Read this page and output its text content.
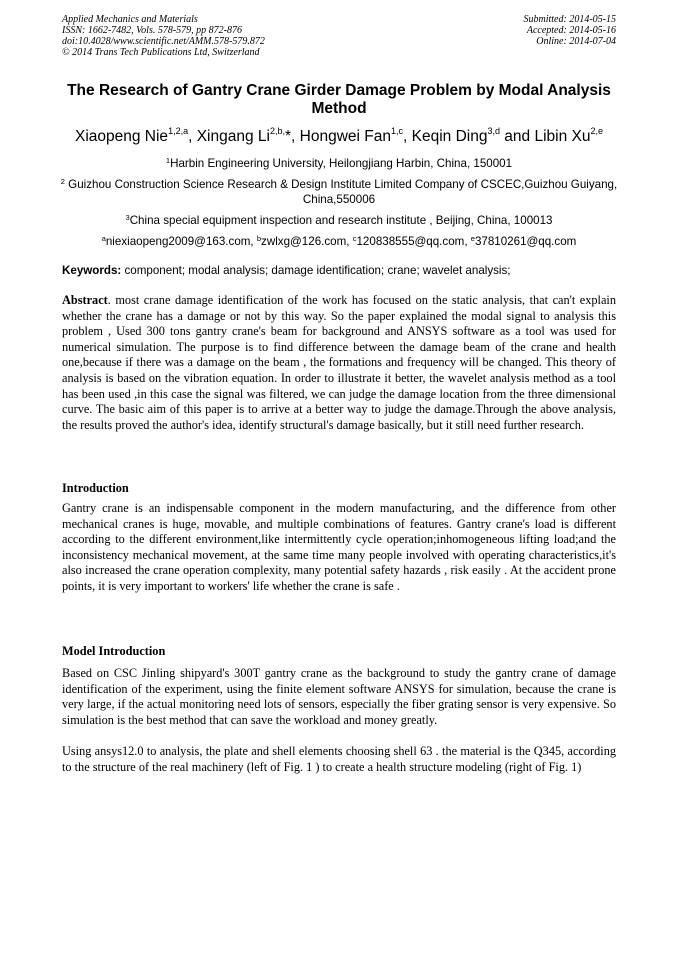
Applied Mechanics and Materials
ISSN: 1662-7482, Vols. 578-579, pp 872-876
doi:10.4028/www.scientific.net/AMM.578-579.872
© 2014 Trans Tech Publications Ltd, Switzerland
Submitted: 2014-05-15
Accepted: 2014-05-16
Online: 2014-07-04
The Research of Gantry Crane Girder Damage Problem by Modal Analysis Method
Xiaopeng Nie$^{1,2,a}$, Xingang $Li^{2,b,}*$, Hongwei Fan$^{1,c}$, Keqin Ding$^{3,d}$ and Libin Xu$^{2,e}$
$^1$Harbin Engineering University, Heilongjiang Harbin, China, 150001
$^2$ Guizhou Construction Science Research & Design Institute Limited Company of CSCEC,Guizhou Guiyang, China,550006
$^3$China special equipment inspection and research institute , Beijing, China, 100013
$^a$niexiaopeng2009@163.com, $^b$zwlxg@126.com, $^c$120838555@qq.com, $^e$37810261@qq.com
Keywords: component; modal analysis; damage identification; crane; wavelet analysis;

Abstract. most crane damage identification of the work has focused on the static analysis, that can't explain whether the crane has a damage or not by this way. So the paper explained the modal signal to analysis this problem , Used 300 tons gantry crane's beam for background and ANSYS software as a tool was used for numerical simulation. The purpose is to find difference between the damage beam of the crane and health one,because if there was a damage on the beam , the formations and frequency will be changed. This theory of analysis is based on the vibration equation. In order to illustrate it better, the wavelet analysis method as a tool has been used ,in this case the signal was filtered, we can judge the damage location from the three dimensional curve. The basic aim of this paper is to arrive at a better way to judge the damage.Through the above analysis, the results proved the author's idea, identify structural's damage basically, but it still need further research.

Introduction

Gantry crane is an indispensable component in the modern manufacturing, and the difference from other mechanical cranes is huge, movable, and multiple combinations of features. Gantry crane's load is different according to the different environment,like intermittently cycle operation;inhomogeneous lifting load;and the inconsistency mechanical movement, at the same time many people involved with operating characteristics,it's also increased the crane operation complexity, many potential safety hazards , risk easily . At the accident prone points, it is very important to workers' life whether the crane is safe .

Model Introduction

Based on CSC Jinling shipyard's 300T gantry crane as the background to study the gantry crane of damage identification of the experiment, using the finite element software ANSYS for simulation, because the crane is very large, if the actual monitoring need lots of sensors, especially the fiber grating sensor is very expensive. So simulation is the best method that can save the workload and money greatly.

Using ansys12.0 to analysis, the plate and shell elements choosing shell 63 . the material is the Q345, according to the structure of the real machinery (left of Fig. 1 ) to create a health structure modeling (right of Fig. 1)
